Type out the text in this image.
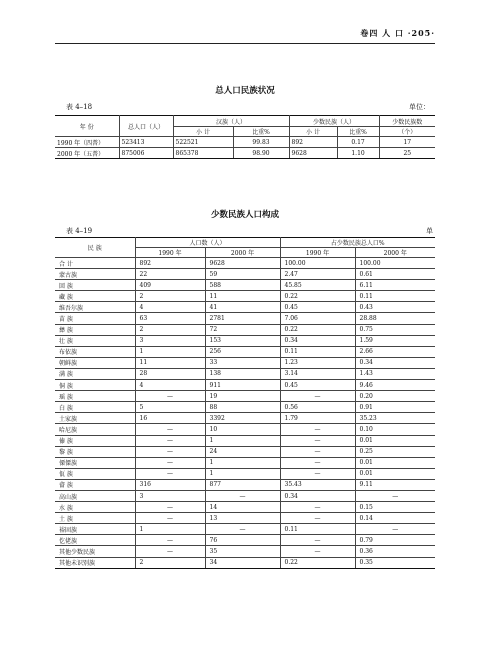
卷四 人 口 ·205·
总人口民族状况
表 4–18	单位：
年 份	总人口（人）	汉族（人）		少数民族（人）		少数民族数
		小 计	比重%	小 计	比重%	（个）
1990 年（四普）	523413	522521	99.83	892	0.17	17
2000 年（五普）	875006	865378	98.90	9628	1.10	25
少数民族人口构成
表 4–19	单
民 族	人口数（人）		占少数民族总人口%	
	1990 年	2000 年	1990 年	2000 年
合 计	892	9628	100.00	100.00
蒙古族	22	59	2.47	0.61
回 族	409	588	45.85	6.11
藏 族	2	11	0.22	0.11
维吾尔族	4	41	0.45	0.43
苗 族	63	2781	7.06	28.88
彝 族	2	72	0.22	0.75
壮 族	3	153	0.34	1.59
布依族	1	256	0.11	2.66
朝鲜族	11	33	1.23	0.34
满 族	28	138	3.14	1.43
侗 族	4	911	0.45	9.46
瑶 族	—	19	—	0.20
白 族	5	88	0.56	0.91
土家族	16	3392	1.79	35.23
哈尼族	—	10	—	0.10
傣 族	—	1	—	0.01
黎 族	—	24	—	0.25
傈僳族	—	1	—	0.01
佤 族	—	1	—	0.01
畲 族	316	877	35.43	9.11
高山族	3	—	0.34	—
水 族	—	14	—	0.15
土 族	—	13	—	0.14
裕固族	1	—	0.11	—
仡佬族	—	76	—	0.79
其他少数民族	—	35	—	0.36
其他未识别族	2	34	0.22	0.35
